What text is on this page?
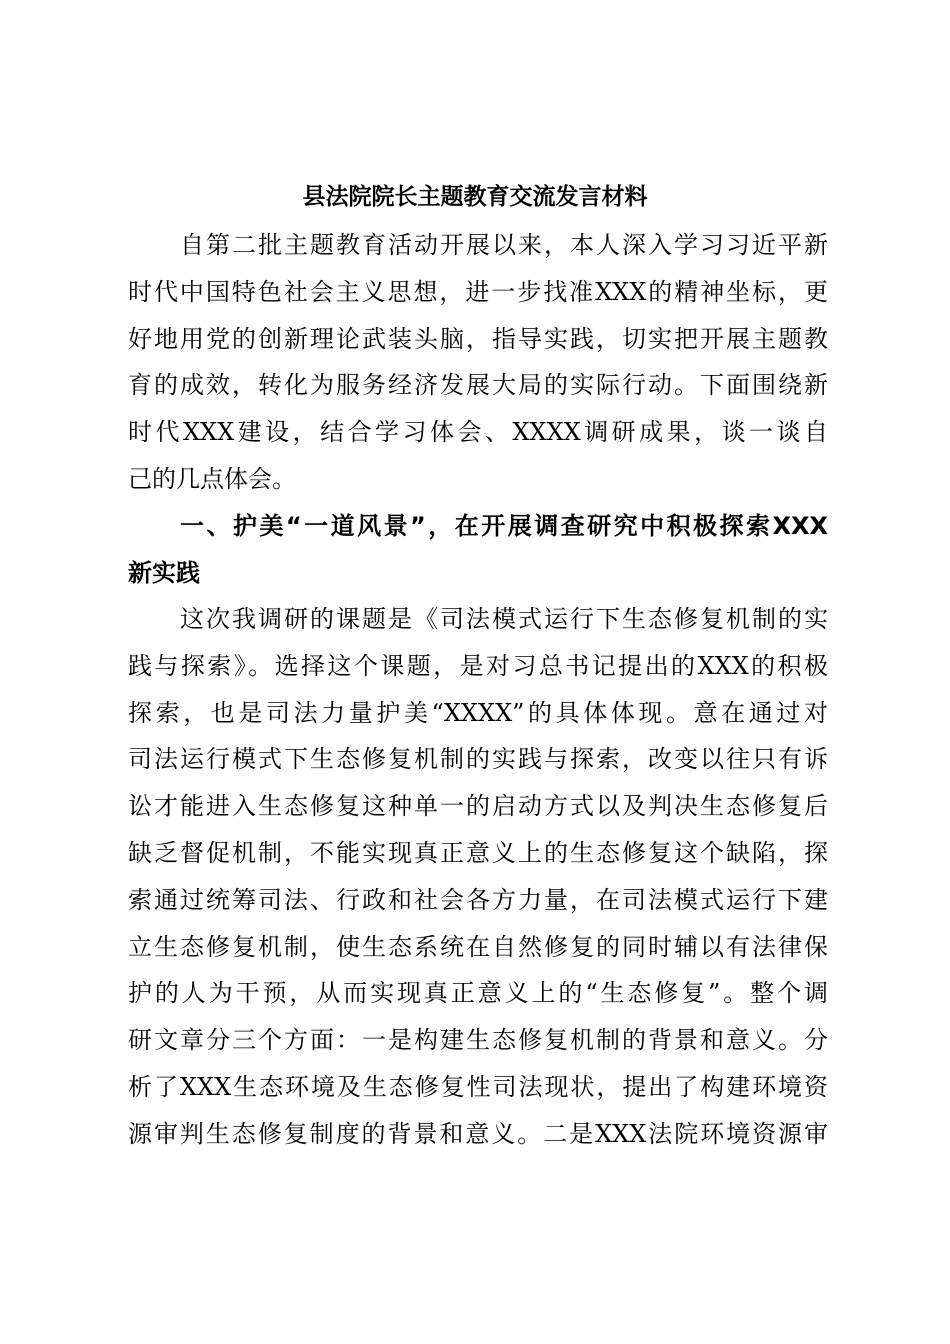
县法院院长主题教育交流发言材料
自第二批主题教育活动开展以来，本人深入学习习近平新
时代中国特色社会主义思想，进一步找准XXX的精神坐标，更
好地用党的创新理论武装头脑，指导实践，切实把开展主题教
育的成效，转化为服务经济发展大局的实际行动。下面围绕新
时代XXX建设，结合学习体会、XXXX调研成果，谈一谈自
己的几点体会。
一、护美“一道风景”，在开展调查研究中积极探索XXX
新实践
这次我调研的课题是《司法模式运行下生态修复机制的实
践与探索》。选择这个课题，是对习总书记提出的XXX的积极
探索，也是司法力量护美“XXXX”的具体体现。意在通过对
司法运行模式下生态修复机制的实践与探索，改变以往只有诉
讼才能进入生态修复这种单一的启动方式以及判决生态修复后
缺乏督促机制，不能实现真正意义上的生态修复这个缺陷，探
索通过统筹司法、行政和社会各方力量，在司法模式运行下建
立生态修复机制，使生态系统在自然修复的同时辅以有法律保
护的人为干预，从而实现真正意义上的“生态修复”。整个调
研文章分三个方面：一是构建生态修复机制的背景和意义。分
析了XXX生态环境及生态修复性司法现状，提出了构建环境资
源审判生态修复制度的背景和意义。二是XXX法院环境资源审
